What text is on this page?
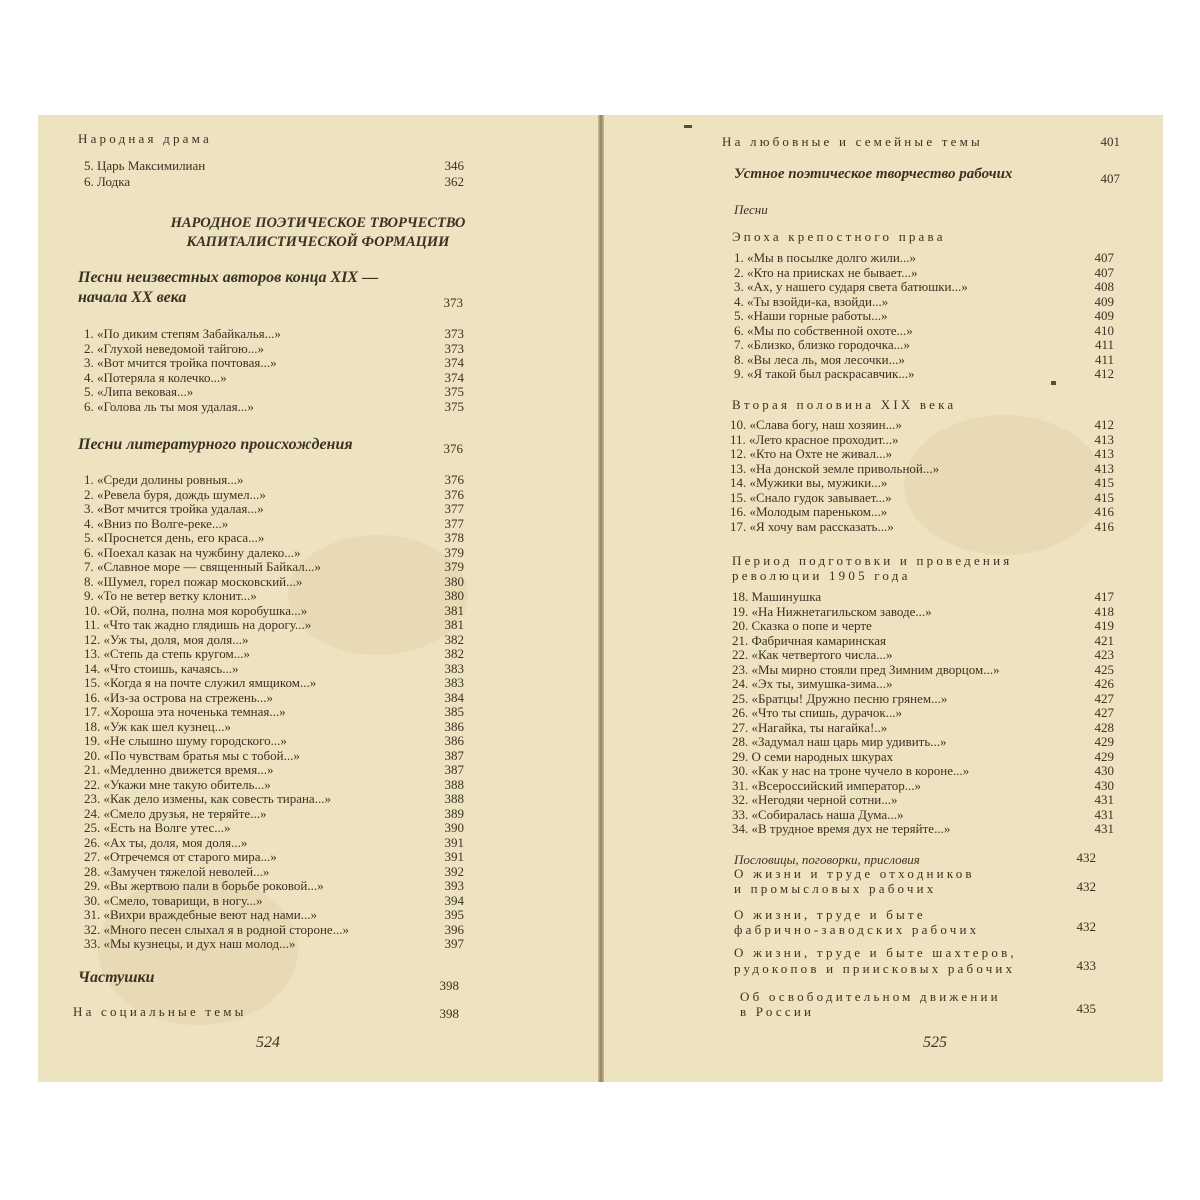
Народная драма
5. Царь Максимилиан	346
6. Лодка	362
НАРОДНОЕ ПОЭТИЧЕСКОЕ ТВОРЧЕСТВО
КАПИТАЛИСТИЧЕСКОЙ ФОРМАЦИИ
Песни неизвестных авторов конца XIX —
начала XX века	373
1. «По диким степям Забайкалья...»	373
2. «Глухой неведомой тайгою...»	373
3. «Вот мчится тройка почтовая...»	374
4. «Потеряла я колечко...»	374
5. «Липа вековая...»	375
6. «Голова ль ты моя удалая...»	375
Песни литературного происхождения	376
1. «Среди долины ровныя...»	376
2. «Ревела буря, дождь шумел...»	376
3. «Вот мчится тройка удалая...»	377
4. «Вниз по Волге-реке...»	377
5. «Проснется день, его краса...»	378
6. «Поехал казак на чужбину далеко...»	379
7. «Славное море — священный Байкал...»	379
8. «Шумел, горел пожар московский...»	380
9. «То не ветер ветку клонит...»	380
10. «Ой, полна, полна моя коробушка...»	381
11. «Что так жадно глядишь на дорогу...»	381
12. «Уж ты, доля, моя доля...»	382
13. «Степь да степь кругом...»	382
14. «Что стоишь, качаясь...»	383
15. «Когда я на почте служил ямщиком...»	383
16. «Из-за острова на стрежень...»	384
17. «Хороша эта ноченька темная...»	385
18. «Уж как шел кузнец...»	386
19. «Не слышно шуму городского...»	386
20. «По чувствам братья мы с тобой...»	387
21. «Медленно движется время...»	387
22. «Укажи мне такую обитель...»	388
23. «Как дело измены, как совесть тирана...»	388
24. «Смело друзья, не теряйте...»	389
25. «Есть на Волге утес...»	390
26. «Ах ты, доля, моя доля...»	391
27. «Отречемся от старого мира...»	391
28. «Замучен тяжелой неволей...»	392
29. «Вы жертвою пали в борьбе роковой...»	393
30. «Смело, товарищи, в ногу...»	394
31. «Вихри враждебные веют над нами...»	395
32. «Много песен слыхал я в родной стороне...»	396
33. «Мы кузнецы, и дух наш молод...»	397
Частушки	398
На социальные темы	398
524
На любовные и семейные темы	401
Устное поэтическое творчество рабочих	407
Песни
Эпоха крепостного права
1. «Мы в посылке долго жили...»	407
2. «Кто на приисках не бывает...»	407
3. «Ах, у нашего сударя света батюшки...»	408
4. «Ты взойди-ка, взойди...»	409
5. «Наши горные работы...»	409
6. «Мы по собственной охоте...»	410
7. «Близко, близко городочка...»	411
8. «Вы леса ль, моя лесочки...»	411
9. «Я такой был раскрасавчик...»	412
Вторая половина XIX века
10. «Слава богу, наш хозяин...»	412
11. «Лето красное проходит...»	413
12. «Кто на Охте не живал...»	413
13. «На донской земле привольной...»	413
14. «Мужики вы, мужики...»	415
15. «Снало гудок завывает...»	415
16. «Молодым пареньком...»	416
17. «Я хочу вам рассказать...»	416
Период подготовки и проведения
революции 1905 года
18. Машинушка	417
19. «На Нижнетагильском заводе...»	418
20. Сказка о попе и черте	419
21. Фабричная камаринская	421
22. «Как четвертого числа...»	423
23. «Мы мирно стояли пред Зимним дворцом...»	425
24. «Эх ты, зимушка-зима...»	426
25. «Братцы! Дружно песню грянем...»	427
26. «Что ты спишь, дурачок...»	427
27. «Нагайка, ты нагайка!..»	428
28. «Задумал наш царь мир удивить...»	429
29. О семи народных шкурах	429
30. «Как у нас на троне чучело в короне...»	430
31. «Всероссийский император...»	430
32. «Негодяи черной сотни...»	431
33. «Собиралась наша Дума...»	431
34. «В трудное время дух не теряйте...»	431
Пословицы, поговорки, присловия	432
О жизни и труде отходников
и промысловых рабочих	432
О жизни, труде и быте
фабрично-заводских рабочих	432
О жизни, труде и быте шахтеров,
рудокопов и приисковых рабочих	433
Об освободительном движении
в России	435
525
